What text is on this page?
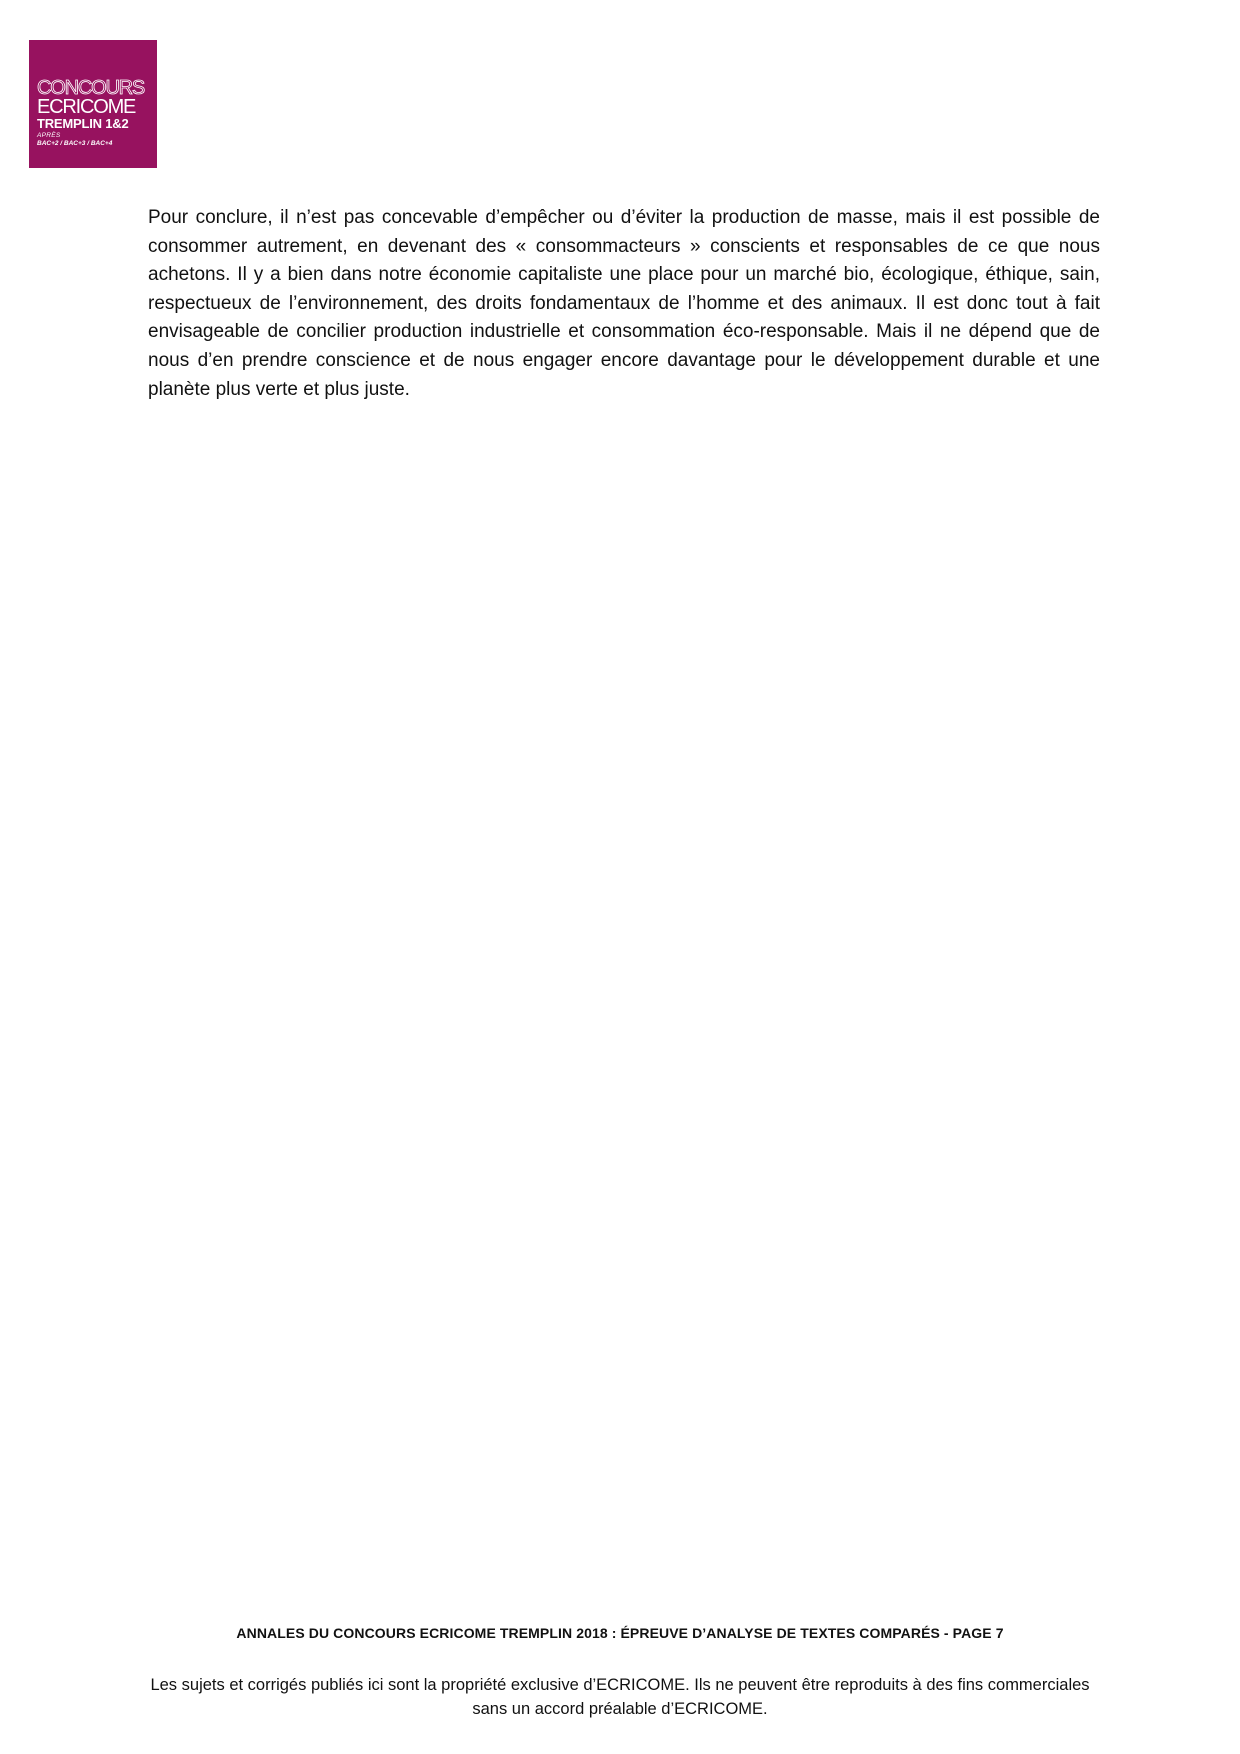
CONCOURS
ECRICOME
TREMPLIN 1&2
APRÈS
BAC+2 / BAC+3 / BAC+4

Pour conclure, il n’est pas concevable d’empêcher ou d’éviter la production de masse, mais il est possible de consommer autrement, en devenant des « consommacteurs » conscients et responsables de ce que nous achetons. Il y a bien dans notre économie capitaliste une place pour un marché bio, écologique, éthique, sain, respectueux de l’environnement, des droits fondamentaux de l’homme et des animaux. Il est donc tout à fait envisageable de concilier production industrielle et consommation éco-responsable. Mais il ne dépend que de nous d’en prendre conscience et de nous engager encore davantage pour le développement durable et une planète plus verte et plus juste.

ANNALES DU CONCOURS ECRICOME TREMPLIN 2018 : ÉPREUVE D’ANALYSE DE TEXTES COMPARÉS - PAGE 7
Les sujets et corrigés publiés ici sont la propriété exclusive d’ECRICOME. Ils ne peuvent être reproduits à des fins commerciales sans un accord préalable d’ECRICOME.
